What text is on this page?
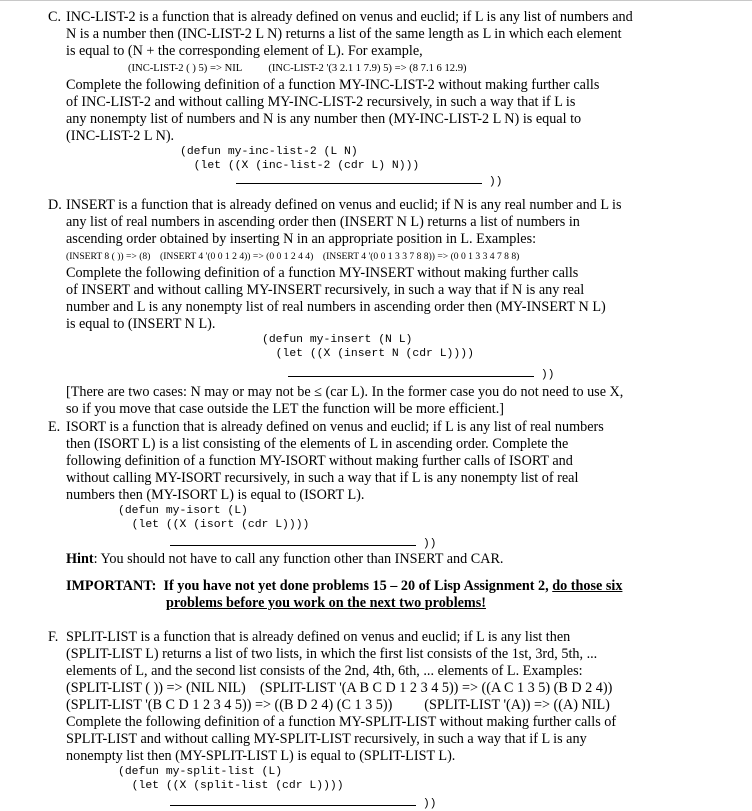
C. INC-LIST-2 is a function that is already defined on venus and euclid; if L is any list of numbers and

N is a number then (INC-LIST-2 L N) returns a list of the same length as L in which each element

is equal to (N + the corresponding element of L). For example,

(INC-LIST-2 ( ) 5) => NIL          (INC-LIST-2 '(3 2.1 1 7.9) 5) => (8 7.1 6 12.9)

Complete the following definition of a function MY-INC-LIST-2 without making further calls

of INC-LIST-2 and without calling MY-INC-LIST-2 recursively, in such a way that if L is

any nonempty list of numbers and N is any number then (MY-INC-LIST-2 L N) is equal to

(INC-LIST-2 L N).

(defun my-inc-list-2 (L N)

(let ((X (inc-list-2 (cdr L) N)))

))

D. INSERT is a function that is already defined on venus and euclid; if N is any real number and L is

any list of real numbers in ascending order then (INSERT N L) returns a list of numbers in

ascending order obtained by inserting N in an appropriate position in L. Examples:

(INSERT 8 ( )) => (8)    (INSERT 4 '(0 0 1 2 4)) => (0 0 1 2 4 4)    (INSERT 4 '(0 0 1 3 3 7 8 8)) => (0 0 1 3 3 4 7 8 8)

Complete the following definition of a function MY-INSERT without making further calls

of INSERT and without calling MY-INSERT recursively, in such a way that if N is any real

number and L is any nonempty list of real numbers in ascending order then (MY-INSERT N L)

is equal to (INSERT N L).

(defun my-insert (N L)

(let ((X (insert N (cdr L))))

))

[There are two cases: N may or may not be ≤ (car L). In the former case you do not need to use X,

so if you move that case outside the LET the function will be more efficient.]

E. ISORT is a function that is already defined on venus and euclid; if L is any list of real numbers

then (ISORT L) is a list consisting of the elements of L in ascending order. Complete the

following definition of a function MY-ISORT without making further calls of ISORT and

without calling MY-ISORT recursively, in such a way that if L is any nonempty list of real

numbers then (MY-ISORT L) is equal to (ISORT L).

(defun my-isort (L)

(let ((X (isort (cdr L))))

))

Hint: You should not have to call any function other than INSERT and CAR.

IMPORTANT: If you have not yet done problems 15 – 20 of Lisp Assignment 2, do those six

problems before you work on the next two problems!

F. SPLIT-LIST is a function that is already defined on venus and euclid; if L is any list then

(SPLIT-LIST L) returns a list of two lists, in which the first list consists of the 1st, 3rd, 5th, ...

elements of L, and the second list consists of the 2nd, 4th, 6th, ... elements of L. Examples:

(SPLIT-LIST ( )) => (NIL NIL)    (SPLIT-LIST '(A B C D 1 2 3 4 5)) => ((A C 1 3 5) (B D 2 4))

(SPLIT-LIST '(B C D 1 2 3 4 5)) => ((B D 2 4) (C 1 3 5))         (SPLIT-LIST '(A)) => ((A) NIL)

Complete the following definition of a function MY-SPLIT-LIST without making further calls of

SPLIT-LIST and without calling MY-SPLIT-LIST recursively, in such a way that if L is any

nonempty list then (MY-SPLIT-LIST L) is equal to (SPLIT-LIST L).

(defun my-split-list (L)

(let ((X (split-list (cdr L))))

))
